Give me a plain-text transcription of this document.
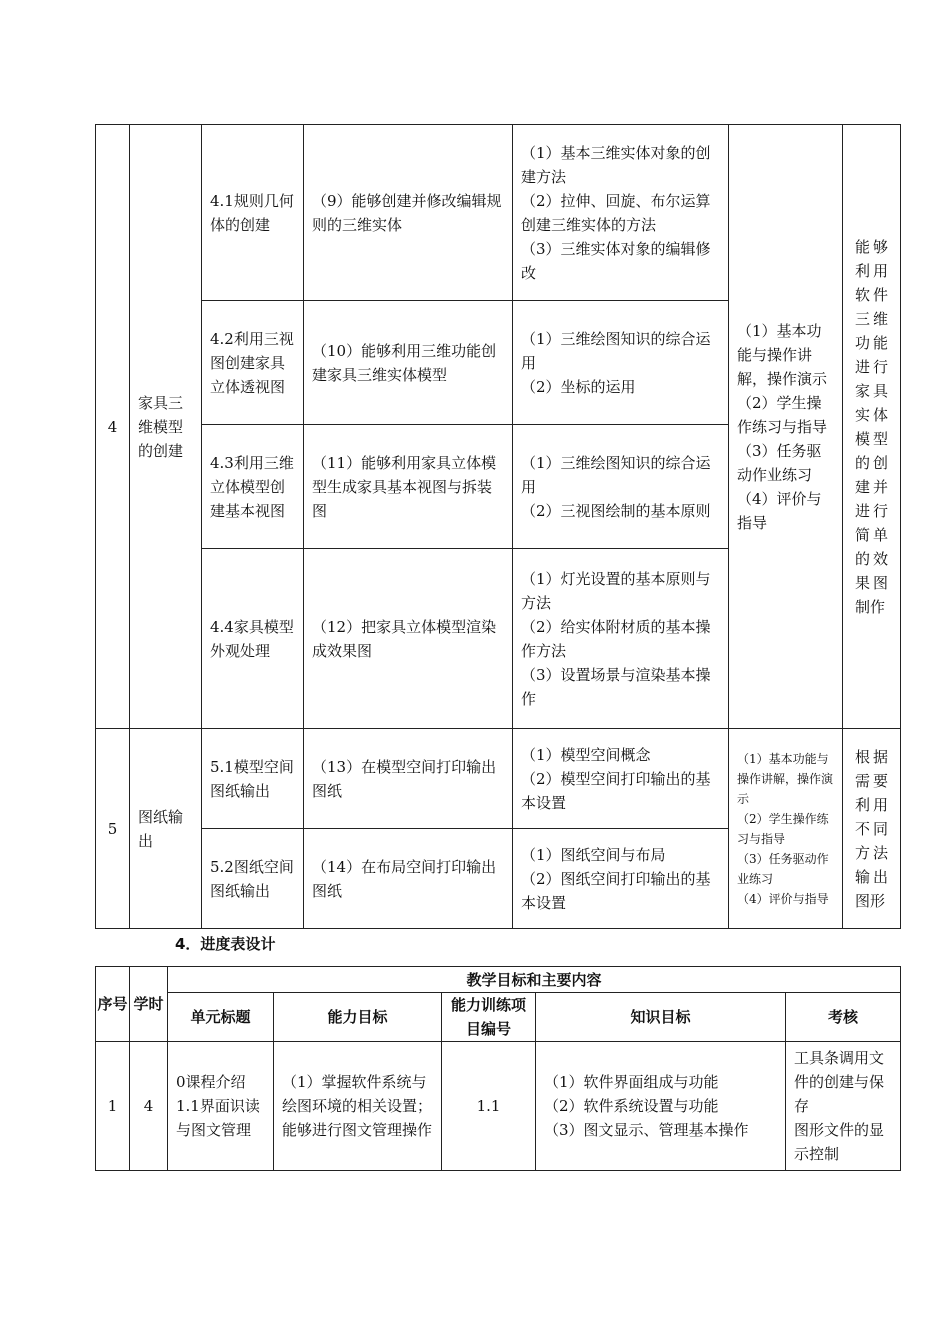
4	家具三维模型的创建	4.1规则几何体的创建	（9）能够创建并修改编辑规则的三维实体	（1）基本三维实体对象的创建方法
（2）拉伸、回旋、布尔运算创建三维实体的方法
（3）三维实体对象的编辑修改	（1）基本功能与操作讲解，操作演示
（2）学生操作练习与指导
（3）任务驱动作业练习
（4）评价与指导	能够利用软件三维功能进行家具实体模型的创建并进行简单的效果图制作
		4.2利用三视图创建家具立体透视图	（10）能够利用三维功能创建家具三维实体模型	（1）三维绘图知识的综合运用
（2）坐标的运用		

		4.3利用三维立体模型创建基本视图	（11）能够利用家具立体模型生成家具基本视图与拆装图	（1）三维绘图知识的综合运用
（2）三视图绘制的基本原则		

		4.4家具模型外观处理	（12）把家具立体模型渲染成效果图	（1）灯光设置的基本原则与方法
（2）给实体附材质的基本操作方法
（3）设置场景与渲染基本操作		

5	图纸输出	5.1模型空间图纸输出	（13）在模型空间打印输出图纸	（1）模型空间概念
（2）模型空间打印输出的基本设置	（1）基本功能与操作讲解，操作演示
（2）学生操作练习与指导
（3）任务驱动作业练习
（4）评价与指导	根据需要利用不同方法输出图形
		5.2图纸空间图纸输出	（14）在布局空间打印输出图纸	（1）图纸空间与布局
（2）图纸空间打印输出的基本设置		
4．进度表设计
序号	学时	教学目标和主要内容				
		单元标题	能力目标	能力训练项目编号	知识目标	考核
1	4	0课程介绍
1.1界面识读与图文管理	（1）掌握软件系统与绘图环境的相关设置；能够进行图文管理操作	1.1	（1）软件界面组成与功能
（2）软件系统设置与功能
（3）图文显示、管理基本操作	工具条调用文件的创建与保存
图形文件的显示控制
